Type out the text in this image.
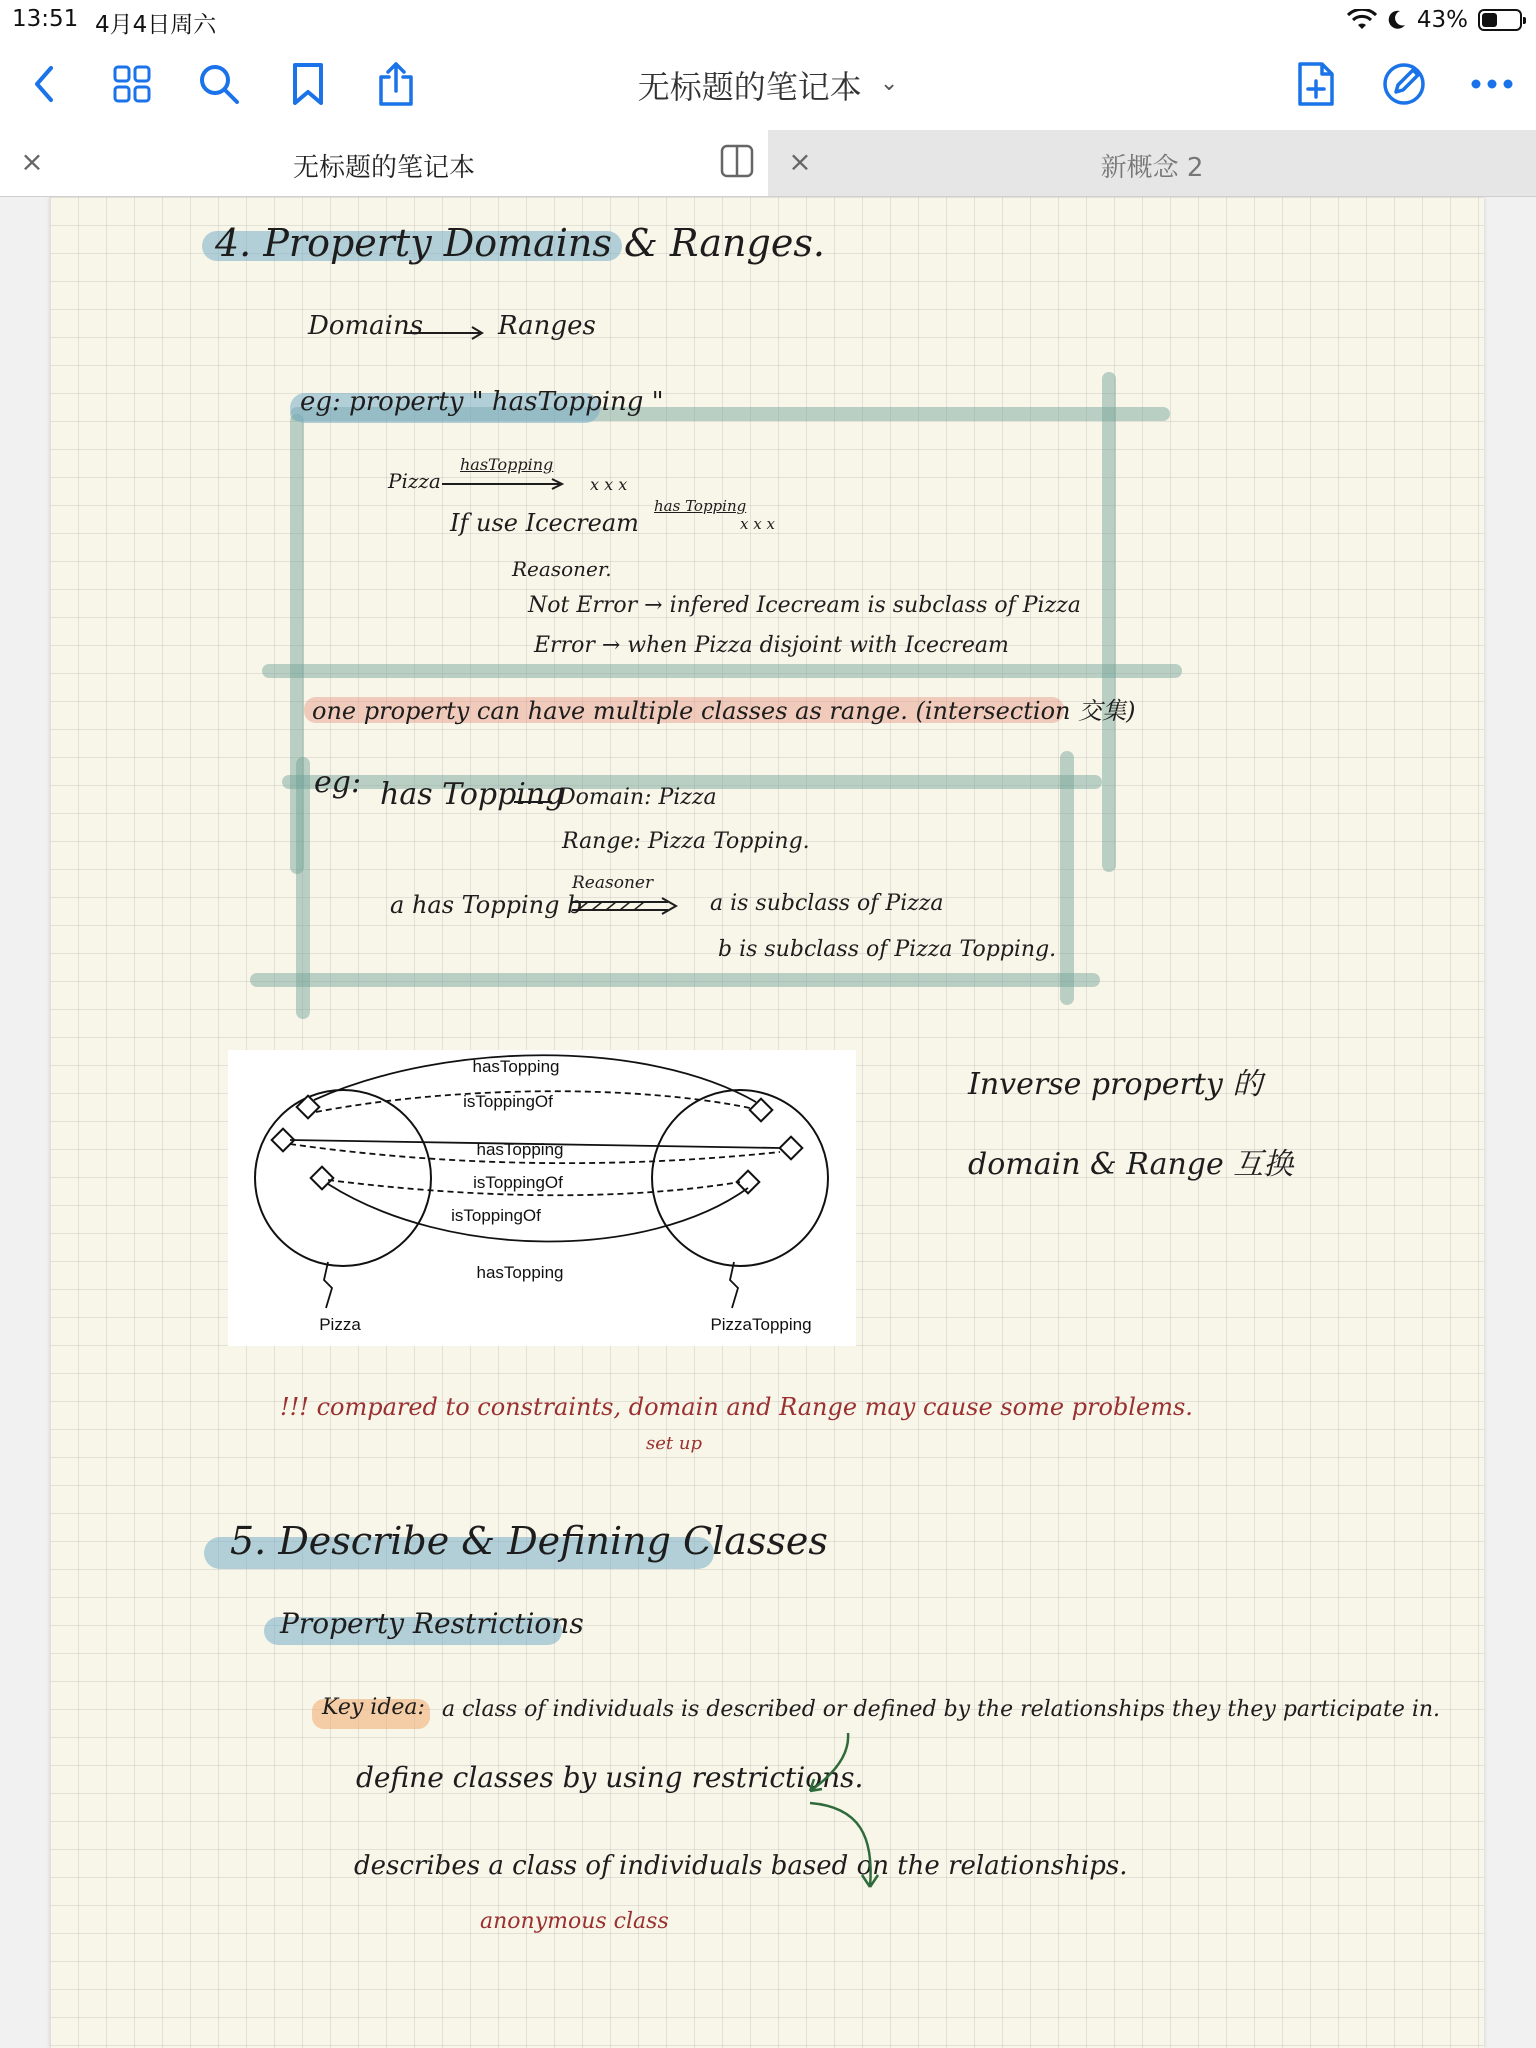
13:51 4月4日周六	43%
无标题的笔记本 ⌄
×	无标题的笔记本	×	新概念 2
4. Property Domains & Ranges.
Domains	Ranges
eg: property " hasTopping "
Pizza
hasTopping
x x x
If use Icecream
has Topping
x x x
Reasoner.
Not Error → infered Icecream is subclass of Pizza
Error → when Pizza disjoint with Icecream
one property can have multiple classes as range. (intersection 交集)
eg: has Topping
Domain: Pizza
Range: Pizza Topping.
a has Topping b
Reasoner
a is subclass of Pizza
b is subclass of Pizza Topping.
Inverse property 的
domain & Range 互换
!!! compared to constraints, domain and Range may cause some problems.
set up
5. Describe & Defining Classes
Property Restrictions
Key idea: a class of individuals is described or defined by the relationships they they participate in.
define classes by using restrictions.
describes a class of individuals based on the relationships.
anonymous class
hasTopping
isToppingOf
hasTopping
isToppingOf
isToppingOf
hasTopping
Pizza	PizzaTopping
